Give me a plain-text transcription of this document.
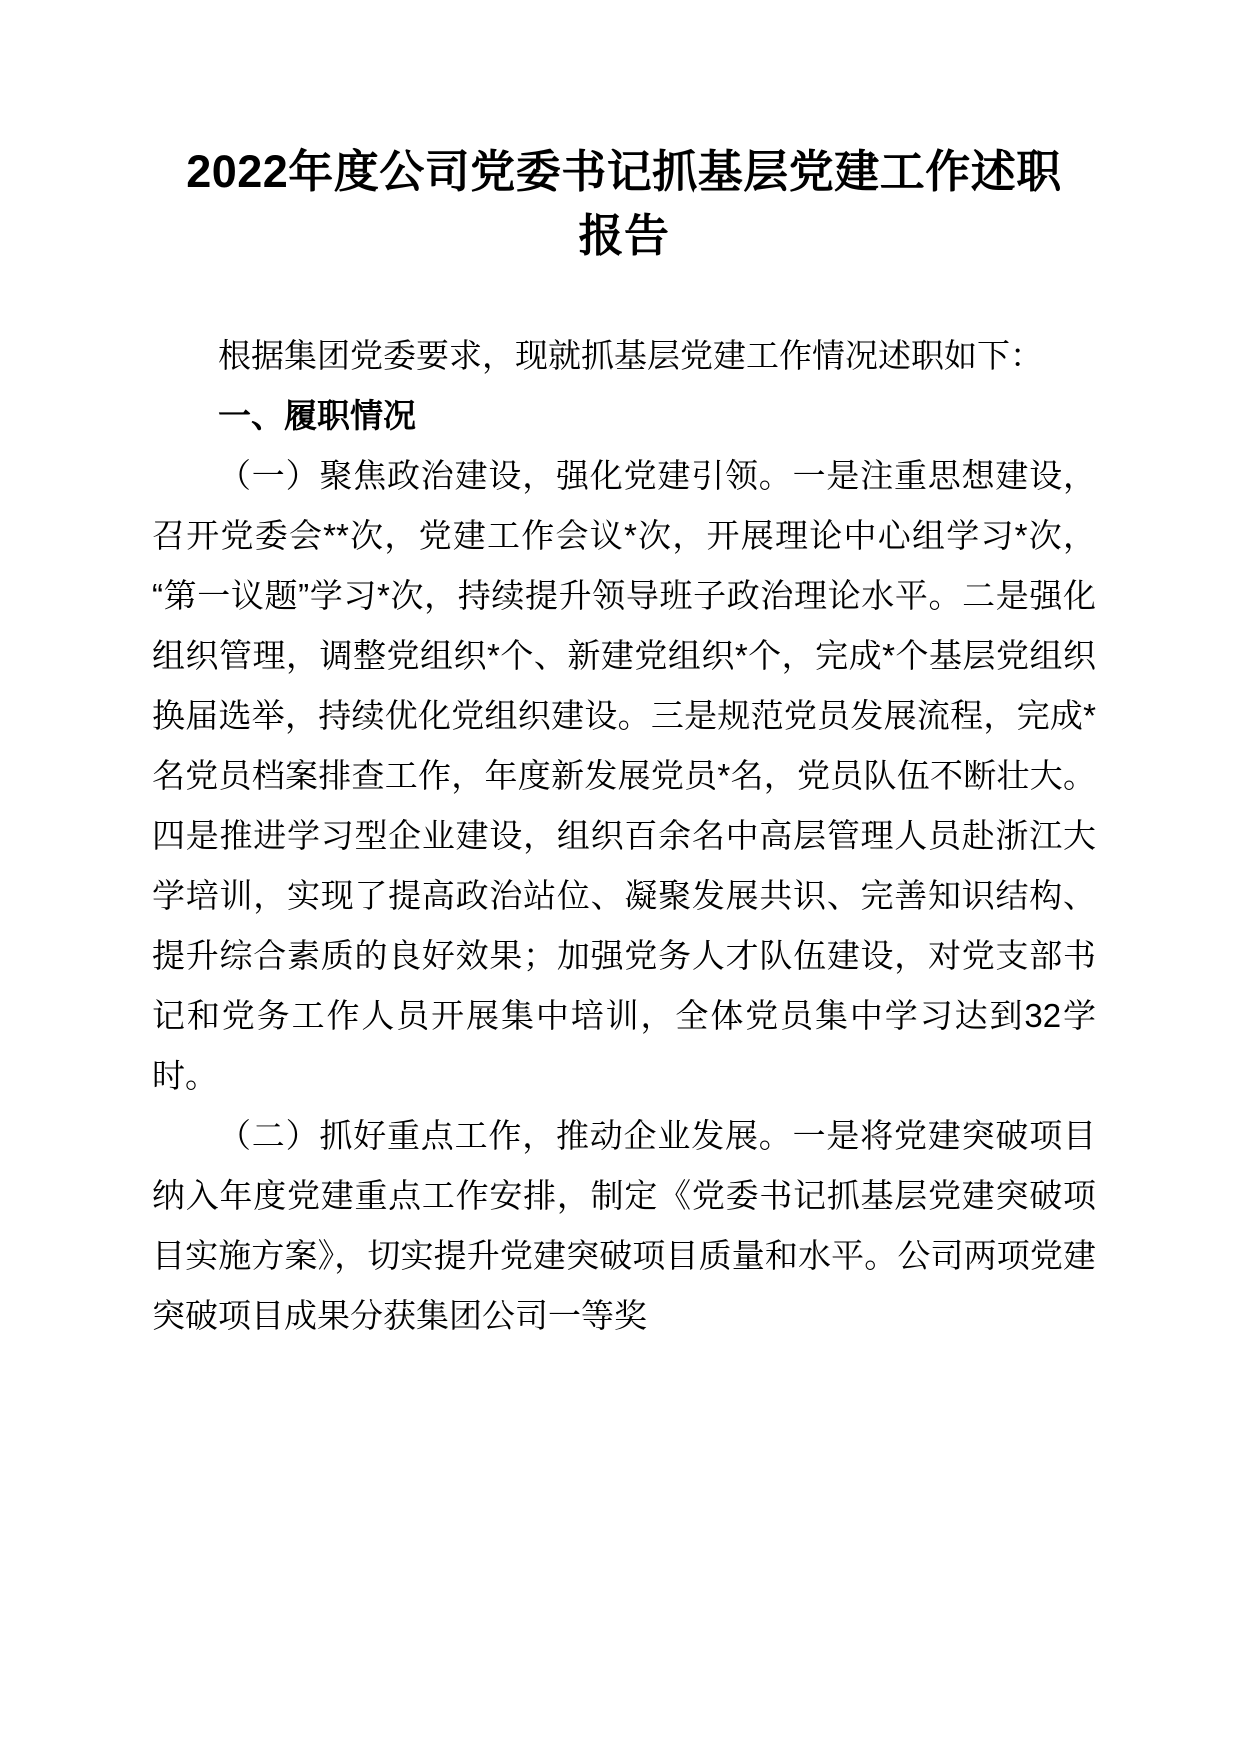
2022年度公司党委书记抓基层党建工作述职报告

根据集团党委要求，现就抓基层党建工作情况述职如下：

一、履职情况

（一）聚焦政治建设，强化党建引领。一是注重思想建设，召开党委会**次，党建工作会议*次，开展理论中心组学习*次，“第一议题”学习*次，持续提升领导班子政治理论水平。二是强化组织管理，调整党组织*个、新建党组织*个，完成*个基层党组织换届选举，持续优化党组织建设。三是规范党员发展流程，完成*名党员档案排查工作，年度新发展党员*名，党员队伍不断壮大。四是推进学习型企业建设，组织百余名中高层管理人员赴浙江大学培训，实现了提高政治站位、凝聚发展共识、完善知识结构、提升综合素质的良好效果；加强党务人才队伍建设，对党支部书记和党务工作人员开展集中培训，全体党员集中学习达到32学时。

（二）抓好重点工作，推动企业发展。一是将党建突破项目纳入年度党建重点工作安排，制定《党委书记抓基层党建突破项目实施方案》，切实提升党建突破项目质量和水平。公司两项党建突破项目成果分获集团公司一等奖
